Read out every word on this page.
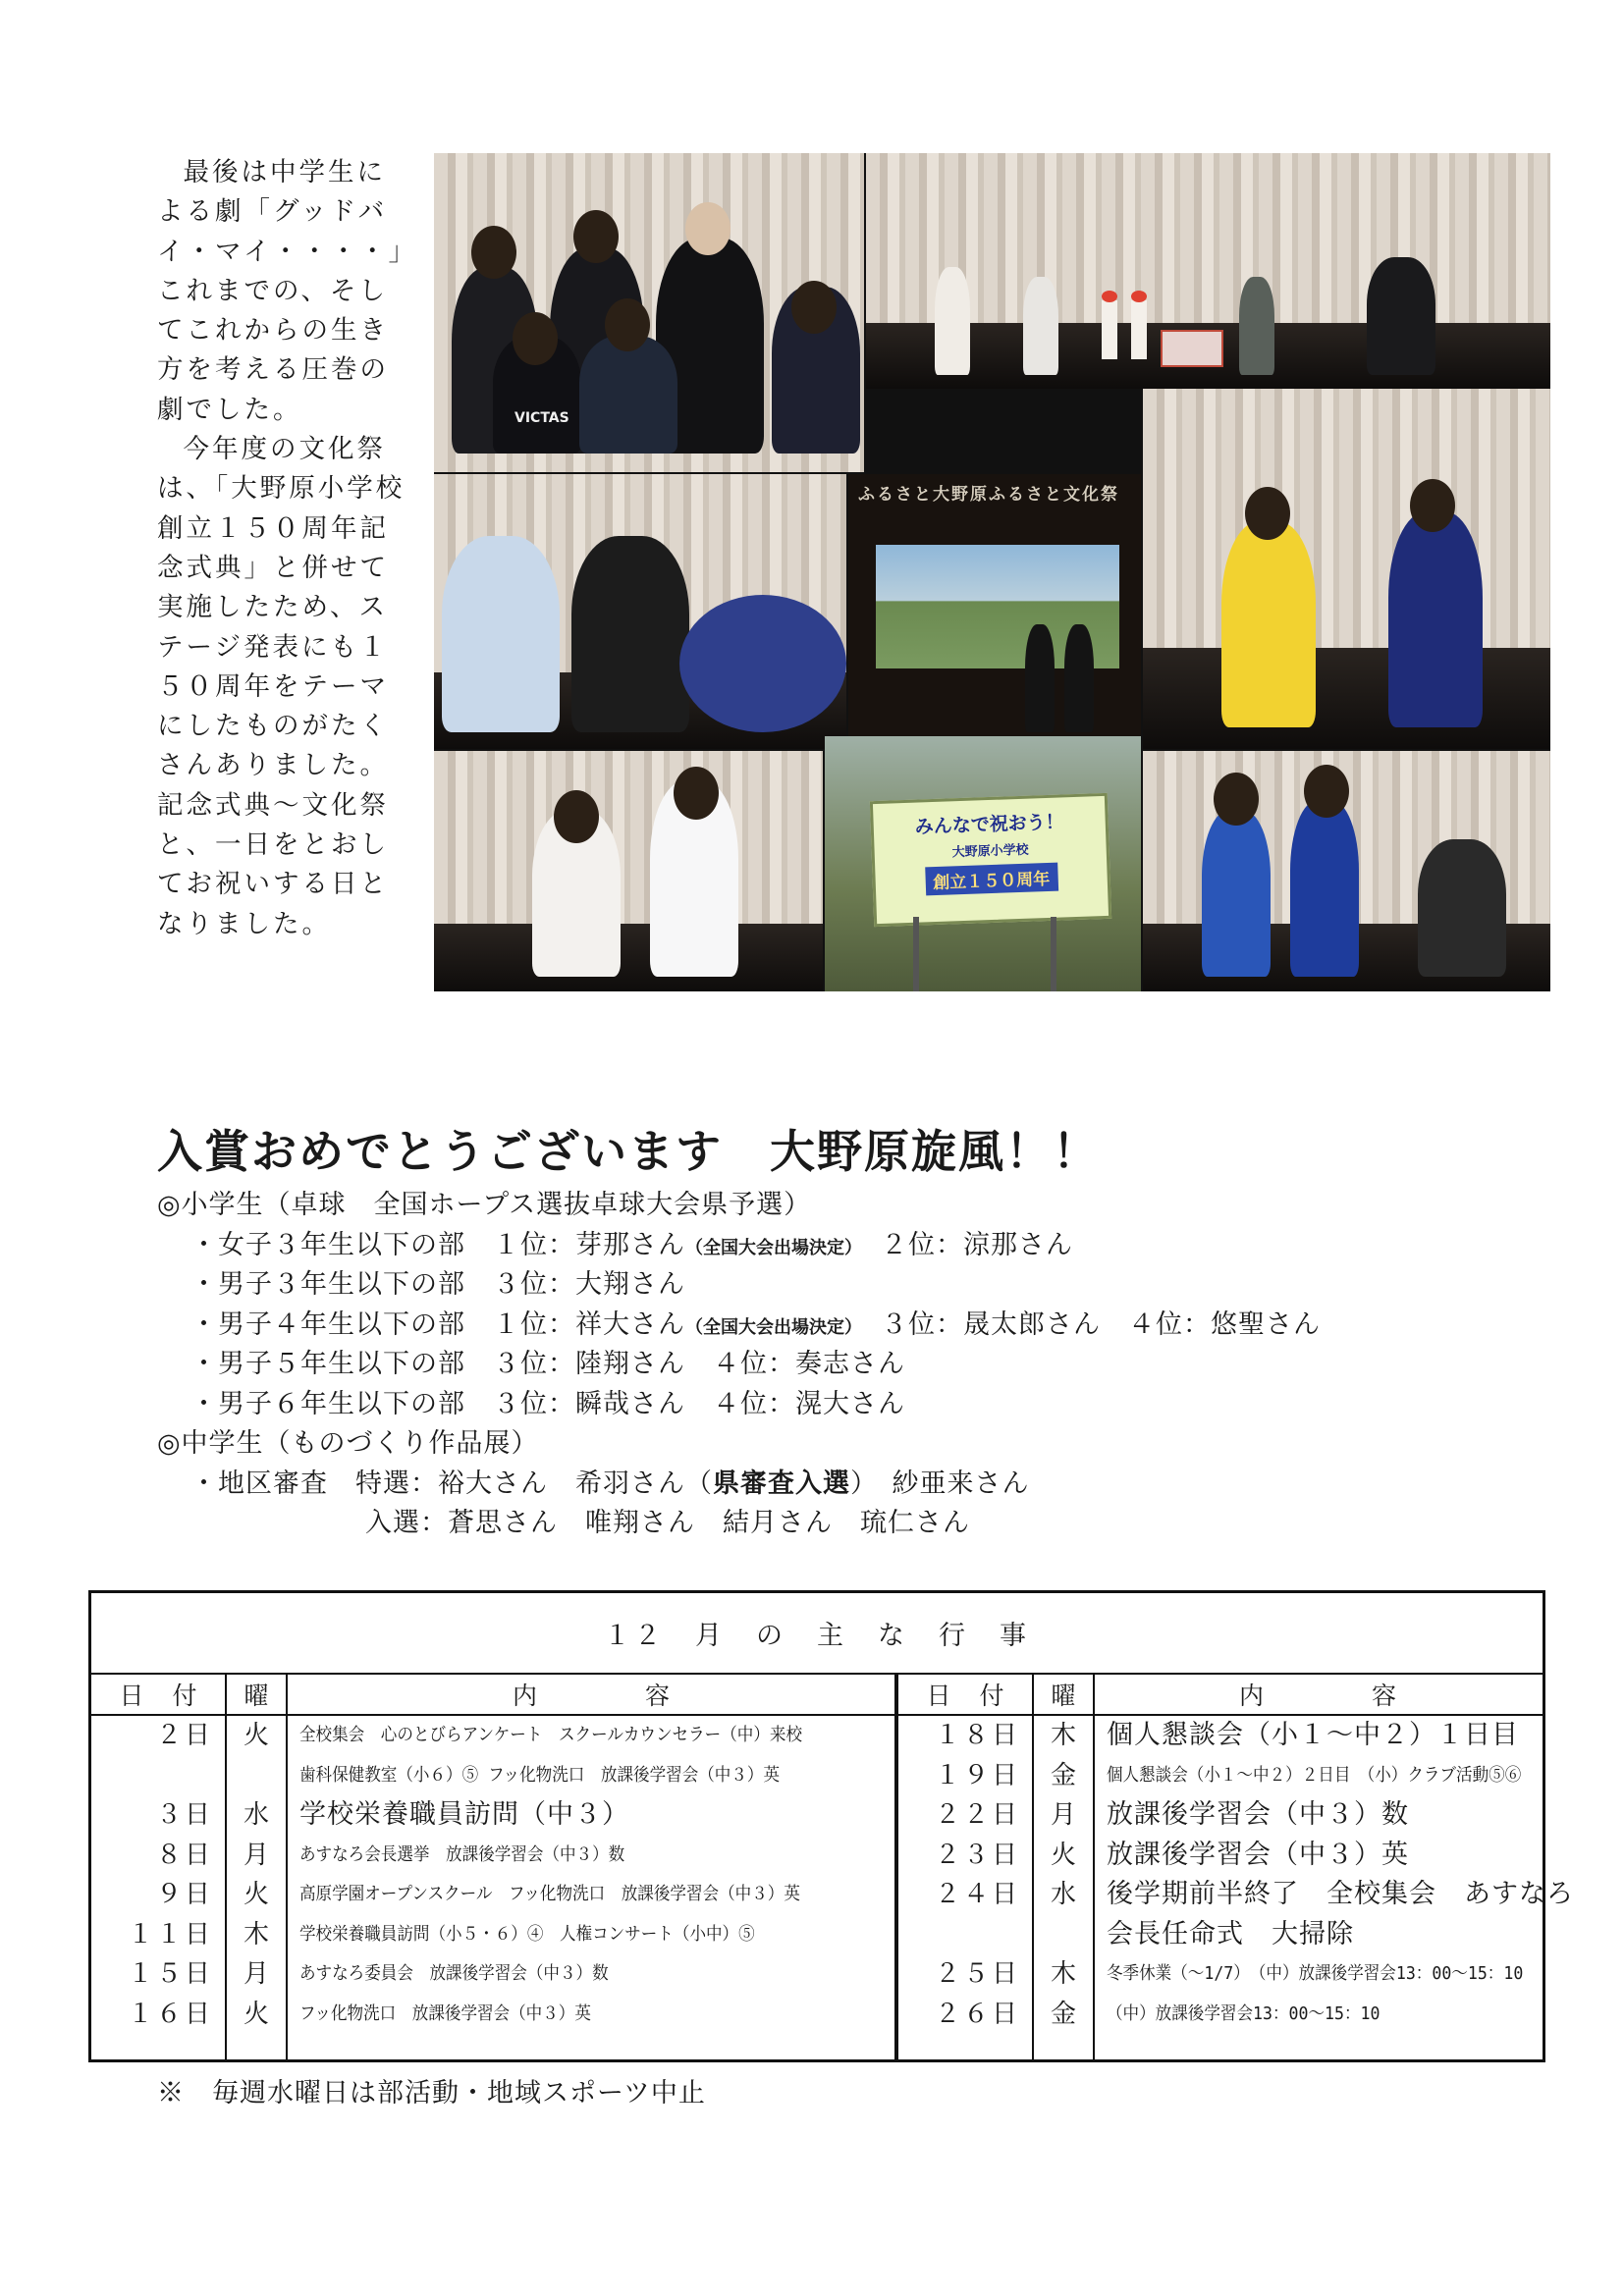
最後は中学生による劇「グッドバイ・マイ・・・・」これまでの、そしてこれからの生き方を考える圧巻の劇でした。

今年度の文化祭は、「大野原小学校創立１５０周年記念式典」と併せて実施したため、ステージ発表にも１５０周年をテーマにしたものがたくさんありました。記念式典～文化祭と、一日をとおしてお祝いする日となりました。

VICTAS
ふるさと大野原ふるさと文化祭
みんなで祝おう！
大野原小学校
創立１５０周年
入賞おめでとうございます　大野原旋風！！
◎小学生（卓球　全国ホープス選抜卓球大会県予選）
・女子３年生以下の部　１位：芽那さん（全国大会出場決定）　２位：涼那さん
・男子３年生以下の部　３位：大翔さん
・男子４年生以下の部　１位：祥大さん（全国大会出場決定）　３位：晟太郎さん　４位：悠聖さん
・男子５年生以下の部　３位：陸翔さん　４位：奏志さん
・男子６年生以下の部　３位：瞬哉さん　４位：滉大さん
◎中学生（ものづくり作品展）
・地区審査　特選：裕大さん　希羽さん（県審査入選）　紗亜来さん
入選：蒼思さん　唯翔さん　結月さん　琉仁さん
１２　月　の　主　な　行　事
日　付	曜	内　　　　容	日　付	曜	内　　　　容
２日	火	全校集会　心のとびらアンケート　スクールカウンセラー（中）来校
歯科保健教室（小６）⑤ フッ化物洗口　放課後学習会（中３）英
３日	水	学校栄養職員訪問（中３）
８日	月	あすなろ会長選挙　放課後学習会（中３）数
９日	火	高原学園オープンスクール　フッ化物洗口　放課後学習会（中３）英
１１日	木	学校栄養職員訪問（小５・６）④　人権コンサート（小中）⑤
１５日	月	あすなろ委員会　放課後学習会（中３）数
１６日	火	フッ化物洗口　放課後学習会（中３）英
１８日	木	個人懇談会（小１～中２）１日目
１９日	金	個人懇談会（小１～中２）２日目　（小）クラブ活動⑤⑥
２２日	月	放課後学習会（中３）数
２３日	火	放課後学習会（中３）英
２４日	水	後学期前半終了　全校集会　あすなろ
会長任命式　大掃除
２５日	木	冬季休業（～1/7）　（中）放課後学習会13：00～15：10
２６日	金	（中）放課後学習会13：00～15：10
※　毎週水曜日は部活動・地域スポーツ中止
